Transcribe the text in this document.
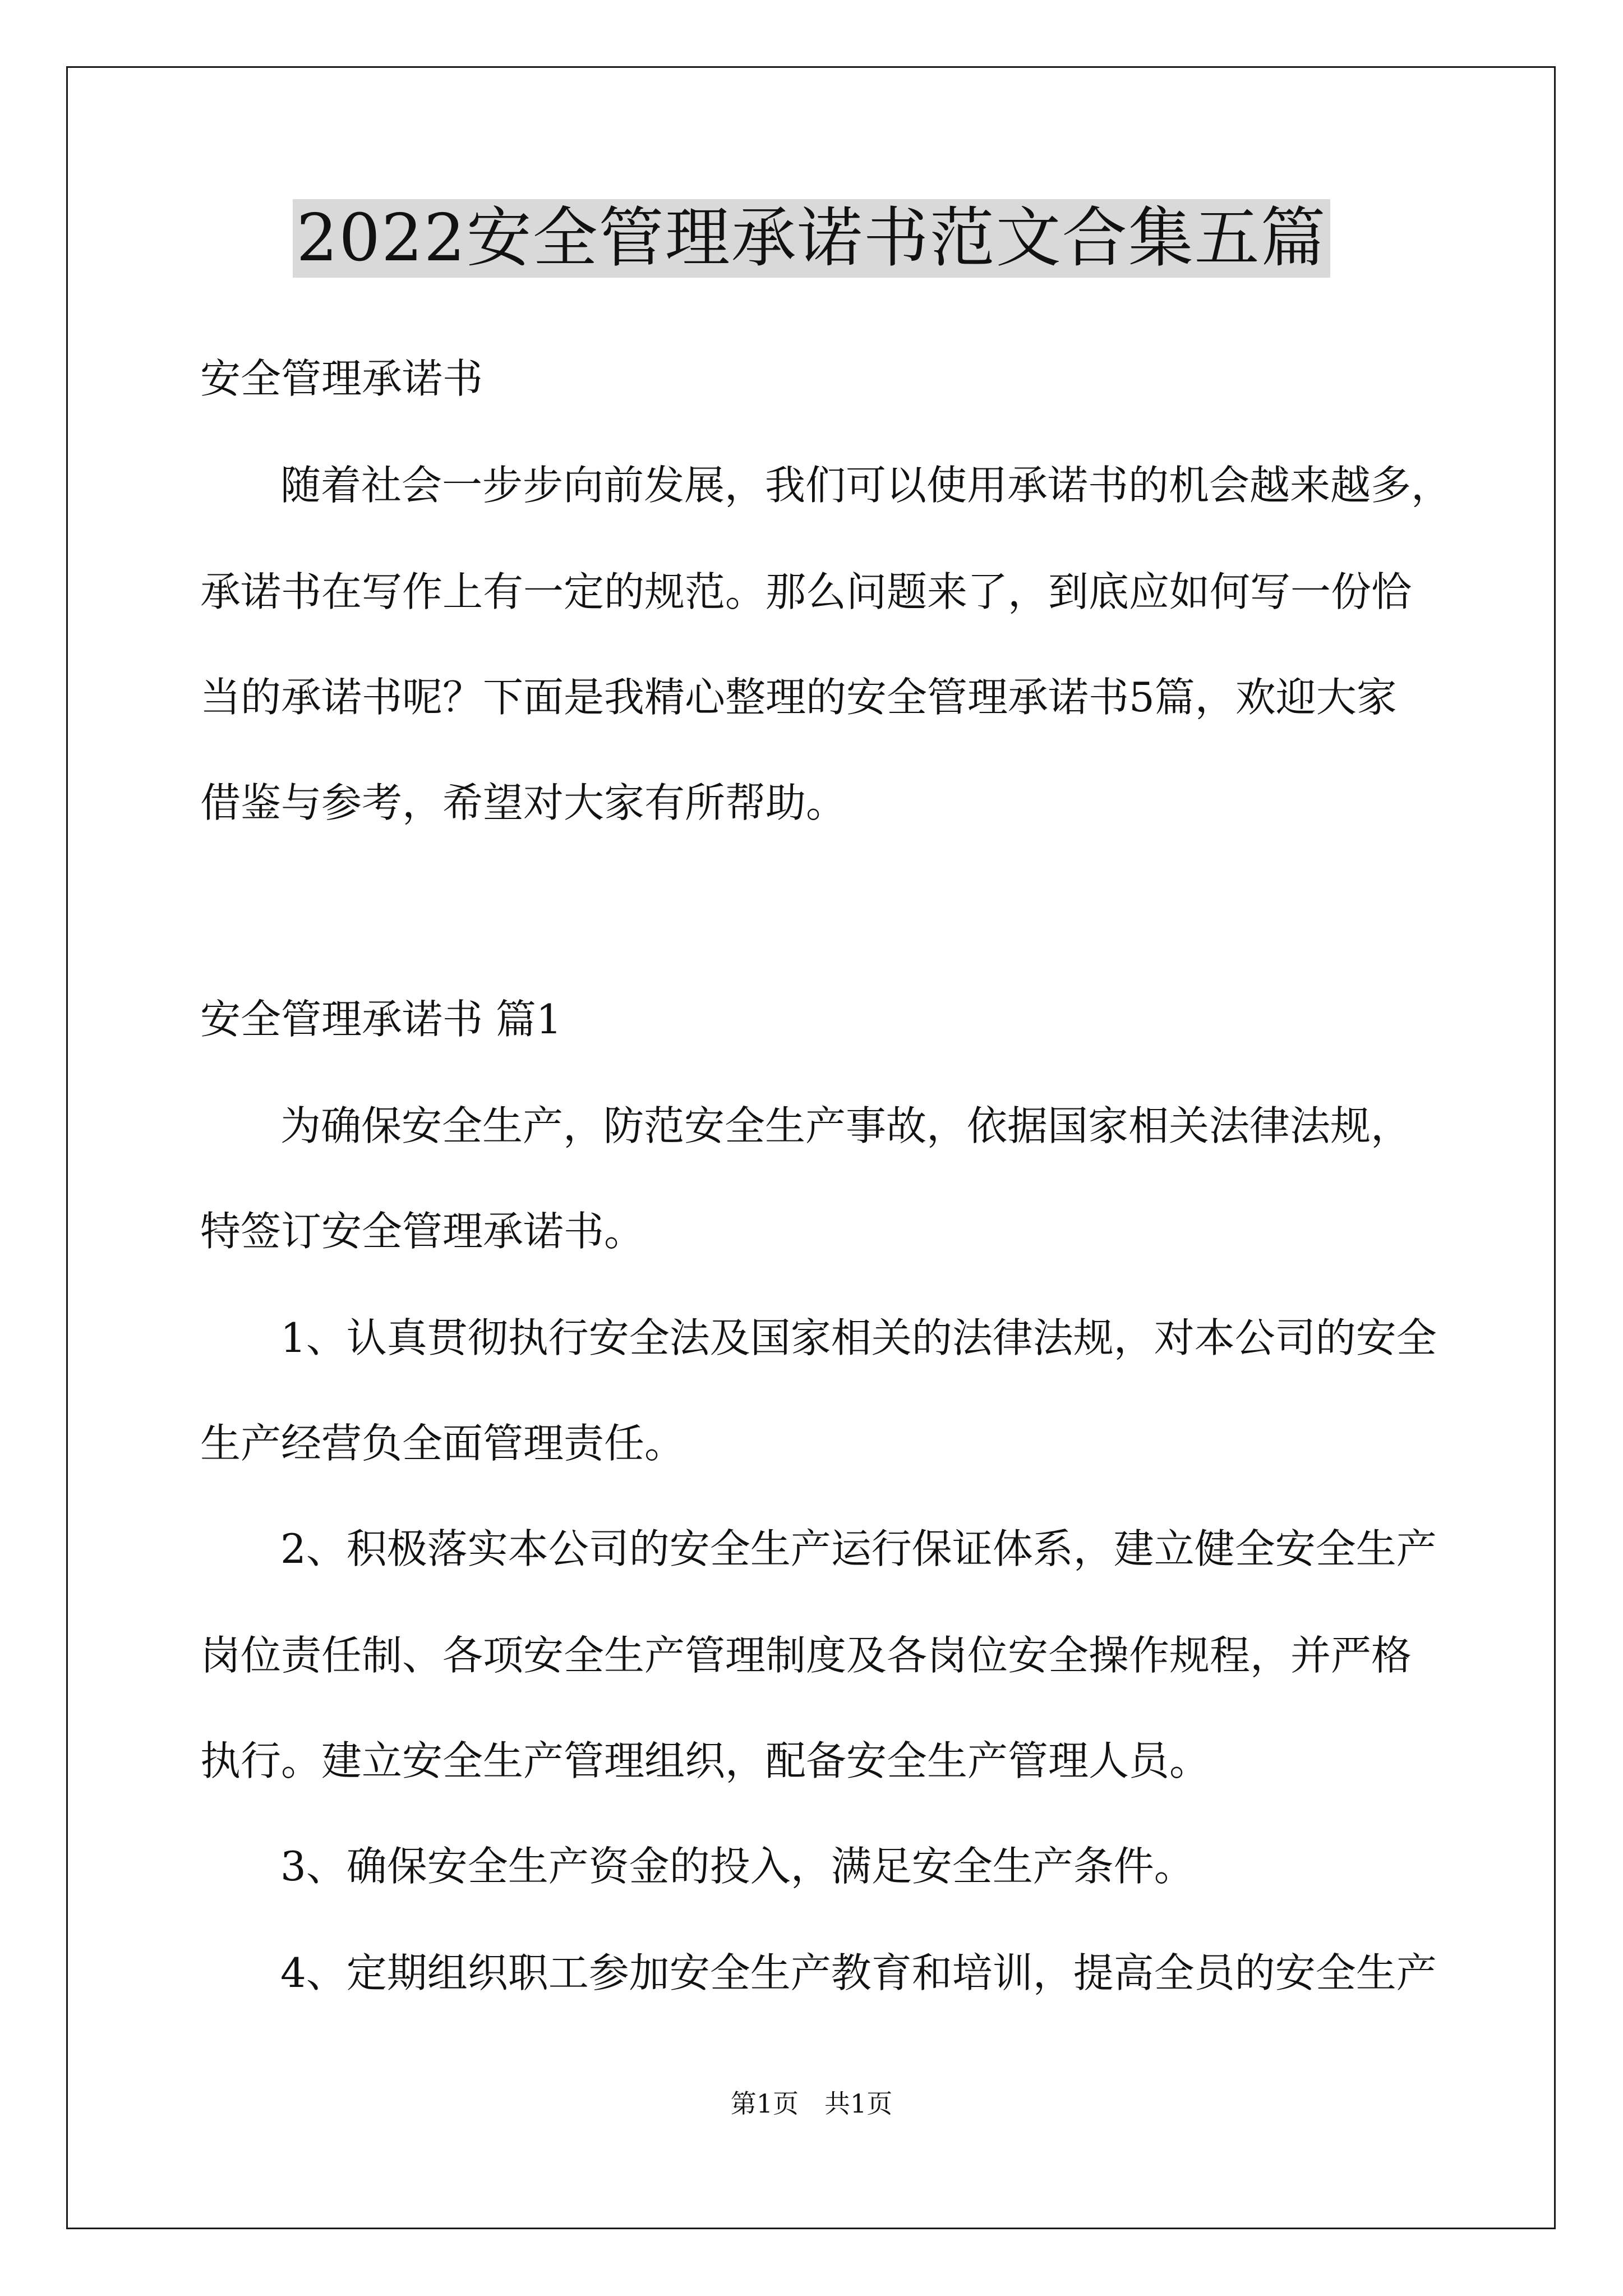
2022安全管理承诺书范文合集五篇
安全管理承诺书
随着社会一步步向前发展，我们可以使用承诺书的机会越来越多，
承诺书在写作上有一定的规范。那么问题来了，到底应如何写一份恰
当的承诺书呢？下面是我精心整理的安全管理承诺书5篇，欢迎大家
借鉴与参考，希望对大家有所帮助。
安全管理承诺书 篇1
为确保安全生产，防范安全生产事故，依据国家相关法律法规，
特签订安全管理承诺书。
1、认真贯彻执行安全法及国家相关的法律法规，对本公司的安全
生产经营负全面管理责任。
2、积极落实本公司的安全生产运行保证体系，建立健全安全生产
岗位责任制、各项安全生产管理制度及各岗位安全操作规程，并严格
执行。建立安全生产管理组织，配备安全生产管理人员。
3、确保安全生产资金的投入，满足安全生产条件。
4、定期组织职工参加安全生产教育和培训，提高全员的安全生产
第1页　共1页
